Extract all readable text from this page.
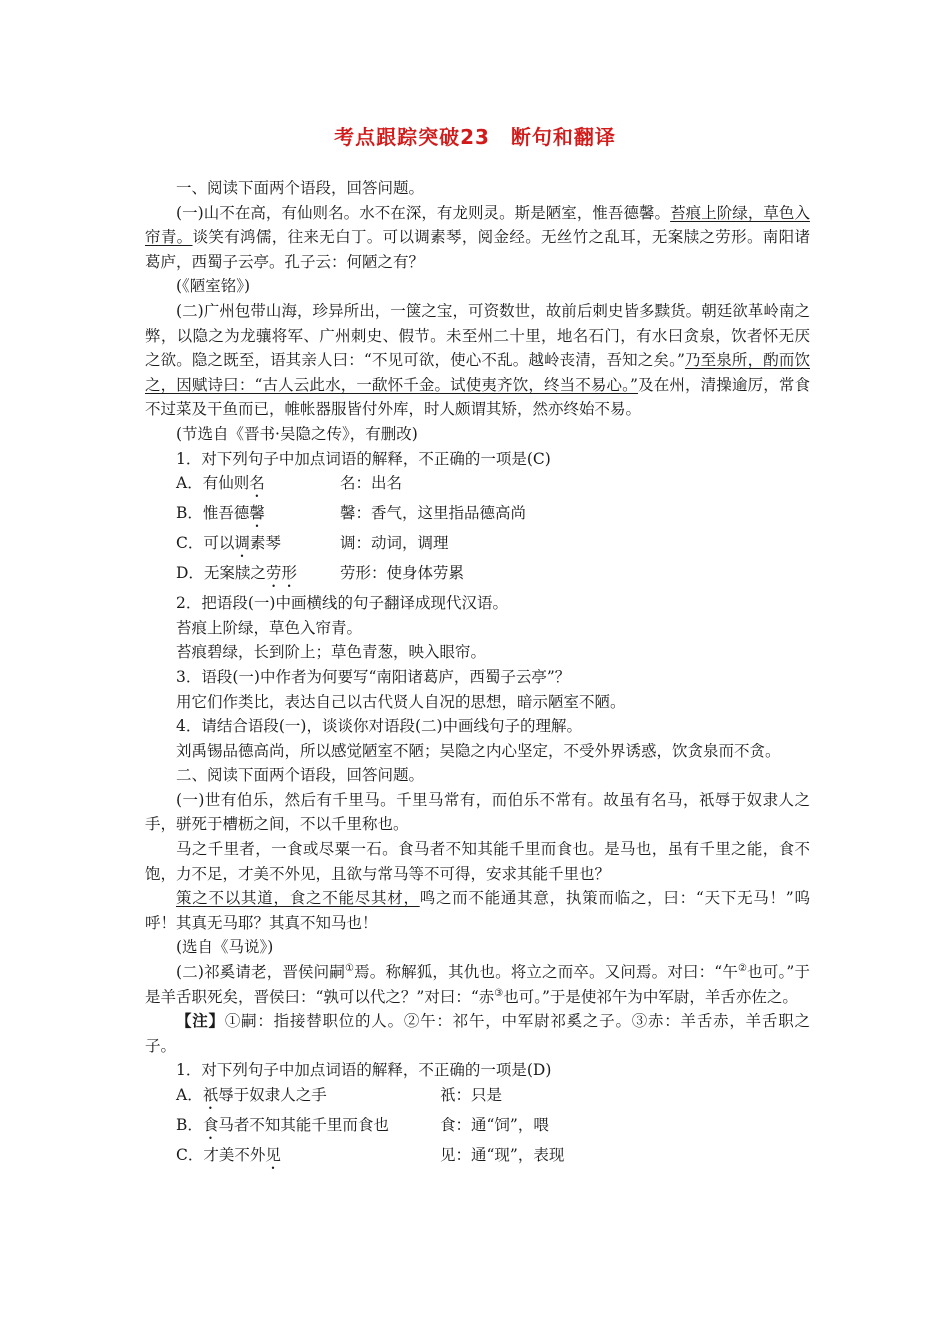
考点跟踪突破23　断句和翻译

一、阅读下面两个语段，回答问题。

(一)山不在高，有仙则名。水不在深，有龙则灵。斯是陋室，惟吾德馨。苔痕上阶绿，草色入帘青。谈笑有鸿儒，往来无白丁。可以调素琴，阅金经。无丝竹之乱耳，无案牍之劳形。南阳诸葛庐，西蜀子云亭。孔子云：何陋之有？

(《陋室铭》)

(二)广州包带山海，珍异所出，一箧之宝，可资数世，故前后刺史皆多黩货。朝廷欲革岭南之弊，以隐之为龙骧将军、广州刺史、假节。未至州二十里，地名石门，有水曰贪泉，饮者怀无厌之欲。隐之既至，语其亲人曰：“不见可欲，使心不乱。越岭丧清，吾知之矣。”乃至泉所，酌而饮之，因赋诗曰：“古人云此水，一歃怀千金。试使夷齐饮，终当不易心。”及在州，清操逾厉，常食不过菜及干鱼而已，帷帐器服皆付外库，时人颇谓其矫，然亦终始不易。

(节选自《晋书·吴隐之传》，有删改)

1．对下列句子中加点词语的解释，不正确的一项是(C)

A．有仙则名	名：出名

B．惟吾德馨	馨：香气，这里指品德高尚

C．可以调素琴	调：动词，调理

D．无案牍之劳形	劳形：使身体劳累

2．把语段(一)中画横线的句子翻译成现代汉语。

苔痕上阶绿，草色入帘青。

苔痕碧绿，长到阶上；草色青葱，映入眼帘。

3．语段(一)中作者为何要写“南阳诸葛庐，西蜀子云亭”？

用它们作类比，表达自己以古代贤人自况的思想，暗示陋室不陋。

4．请结合语段(一)，谈谈你对语段(二)中画线句子的理解。

刘禹锡品德高尚，所以感觉陋室不陋；吴隐之内心坚定，不受外界诱惑，饮贪泉而不贪。

二、阅读下面两个语段，回答问题。

(一)世有伯乐，然后有千里马。千里马常有，而伯乐不常有。故虽有名马，祇辱于奴隶人之手，骈死于槽枥之间，不以千里称也。

马之千里者，一食或尽粟一石。食马者不知其能千里而食也。是马也，虽有千里之能，食不饱，力不足，才美不外见，且欲与常马等不可得，安求其能千里也？

策之不以其道，食之不能尽其材，鸣之而不能通其意，执策而临之，曰：“天下无马！”呜呼！其真无马耶？其真不知马也！

(选自《马说》)

(二)祁奚请老，晋侯问嗣①焉。称解狐，其仇也。将立之而卒。又问焉。对曰：“午②也可。”于是羊舌职死矣，晋侯曰：“孰可以代之？”对曰：“赤③也可。”于是使祁午为中军尉，羊舌亦佐之。

【注】①嗣：指接替职位的人。②午：祁午，中军尉祁奚之子。③赤：羊舌赤，羊舌职之子。

1．对下列句子中加点词语的解释，不正确的一项是(D)

A．祇辱于奴隶人之手	祇：只是

B．食马者不知其能千里而食也	食：通“饲”，喂

C．才美不外见	见：通“现”，表现
